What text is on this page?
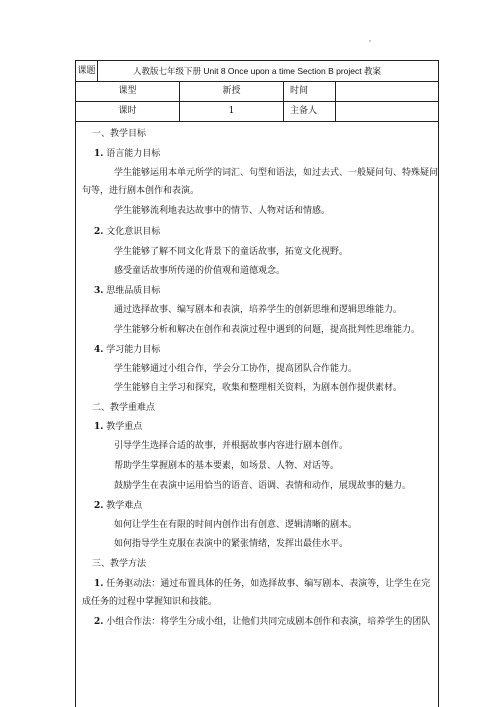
课题	人教版七年级下册 Unit 8 Once upon a time Section B project 教案
课型	新授	时间
课时	1	主备人
一、教学目标
1. 语言能力目标
学生能够运用本单元所学的词汇、句型和语法，如过去式、一般疑问句、特殊疑问
句等，进行剧本创作和表演。
学生能够流利地表达故事中的情节、人物对话和情感。
2. 文化意识目标
学生能够了解不同文化背景下的童话故事，拓宽文化视野。
感受童话故事所传递的价值观和道德观念。
3. 思维品质目标
通过选择故事、编写剧本和表演，培养学生的创新思维和逻辑思维能力。
学生能够分析和解决在创作和表演过程中遇到的问题，提高批判性思维能力。
4. 学习能力目标
学生能够通过小组合作，学会分工协作，提高团队合作能力。
学生能够自主学习和探究，收集和整理相关资料，为剧本创作提供素材。
二、教学重难点
1. 教学重点
引导学生选择合适的故事，并根据故事内容进行剧本创作。
帮助学生掌握剧本的基本要素，如场景、人物、对话等。
鼓励学生在表演中运用恰当的语音、语调、表情和动作，展现故事的魅力。
2. 教学难点
如何让学生在有限的时间内创作出有创意、逻辑清晰的剧本。
如何指导学生克服在表演中的紧张情绪，发挥出最佳水平。
三、教学方法
1. 任务驱动法：通过布置具体的任务，如选择故事、编写剧本、表演等，让学生在完
成任务的过程中掌握知识和技能。
2. 小组合作法：将学生分成小组，让他们共同完成剧本创作和表演，培养学生的团队
